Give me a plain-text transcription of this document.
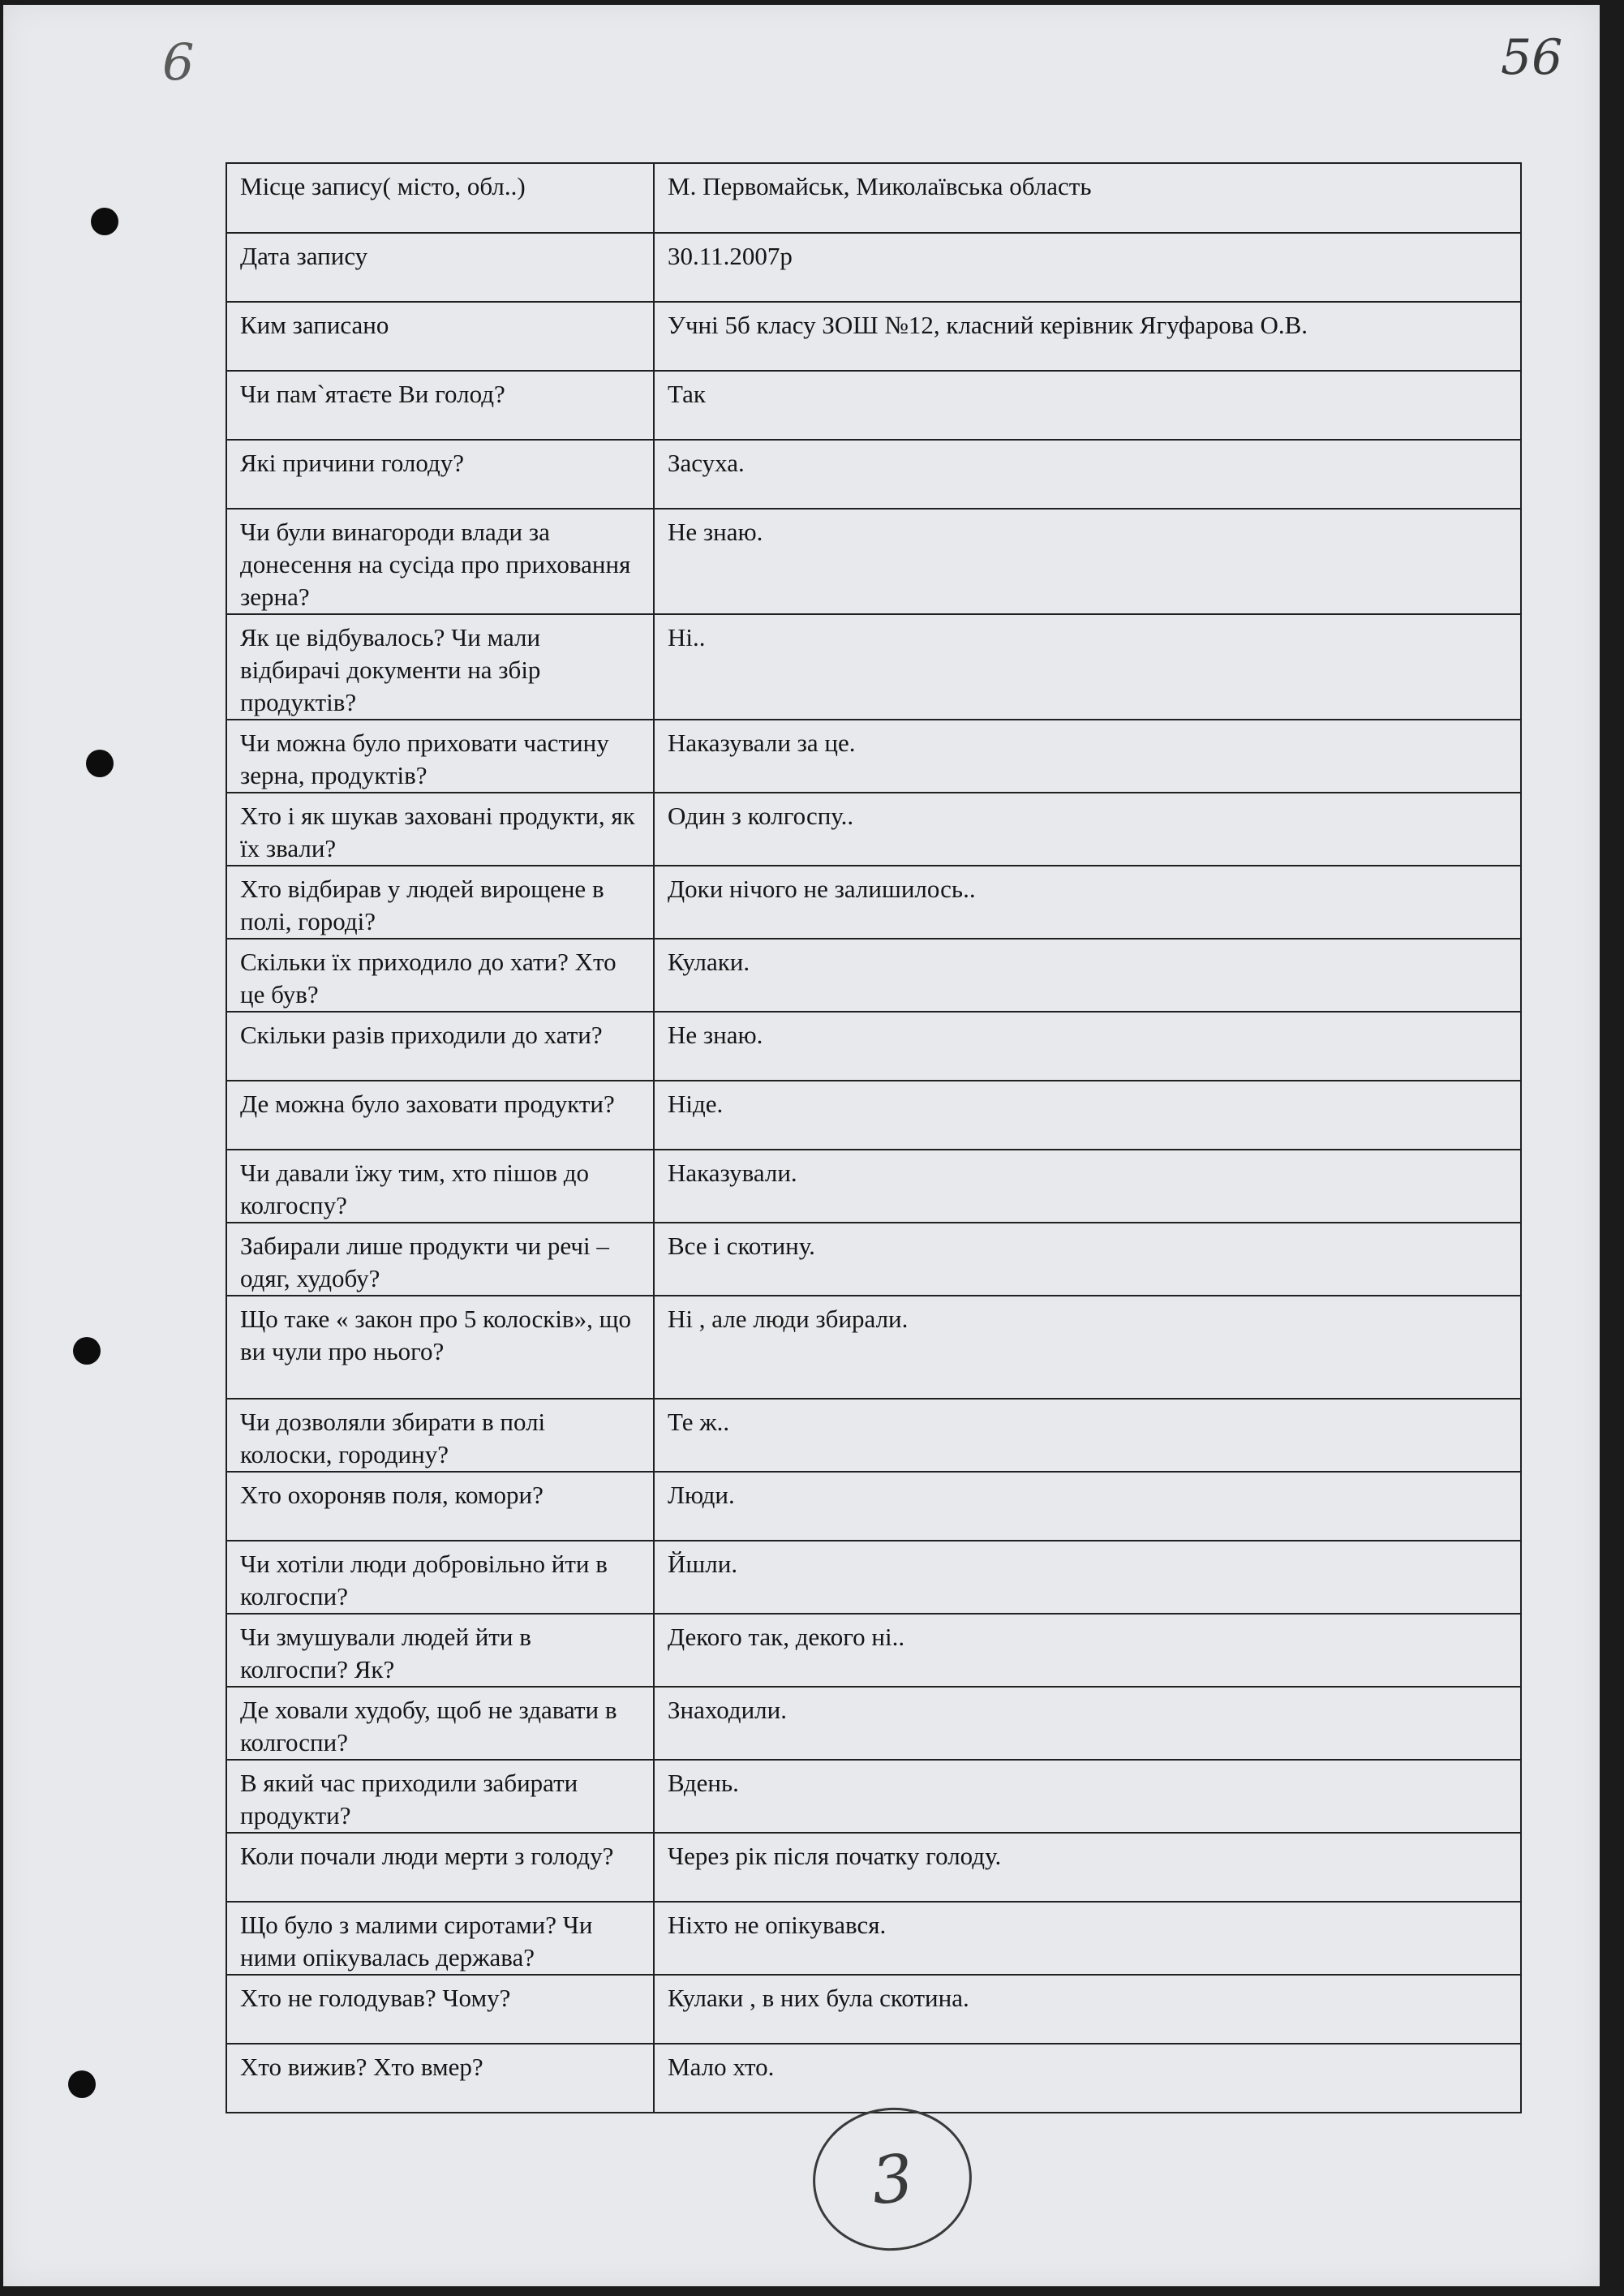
6	56
Місце запису( місто, обл..)	М. Первомайськ, Миколаївська область
Дата запису	30.11.2007р
Ким записано	Учні 5б класу ЗОШ №12, класний керівник Ягуфарова О.В.
Чи пам`ятаєте Ви голод?	Так
Які причини голоду?	Засуха.
Чи були винагороди влади за донесення на сусіда про приховання зерна?	Не знаю.
Як це відбувалось? Чи мали відбирачі документи на збір продуктів?	Ні..
Чи можна було приховати частину зерна, продуктів?	Наказували за це.
Хто і як шукав заховані продукти, як їх звали?	Один з колгоспу..
Хто відбирав у людей вирощене в полі, городі?	Доки нічого не залишилось..
Скільки їх приходило до хати? Хто це був?	Кулаки.
Скільки разів приходили до хати?	Не знаю.
Де можна було заховати продукти?	Ніде.
Чи давали їжу тим, хто пішов до колгоспу?	Наказували.
Забирали лише продукти чи речі – одяг, худобу?	Все і скотину.
Що таке « закон про 5 колосків», що ви чули про нього?	Ні , але люди збирали.
Чи дозволяли збирати в полі колоски, городину?	Те ж..
Хто охороняв поля, комори?	Люди.
Чи хотіли люди добровільно йти в колгоспи?	Йшли.
Чи змушували людей йти в колгоспи? Як?	Декого так, декого ні..
Де ховали худобу, щоб не здавати в колгоспи?	Знаходили.
В який час приходили забирати продукти?	Вдень.
Коли почали люди мерти з голоду?	Через рік після початку голоду.
Що було з малими сиротами? Чи ними опікувалась держава?	Ніхто не опікувався.
Хто не голодував? Чому?	Кулаки , в них була скотина.
Хто вижив? Хто вмер?	Мало хто.
3
